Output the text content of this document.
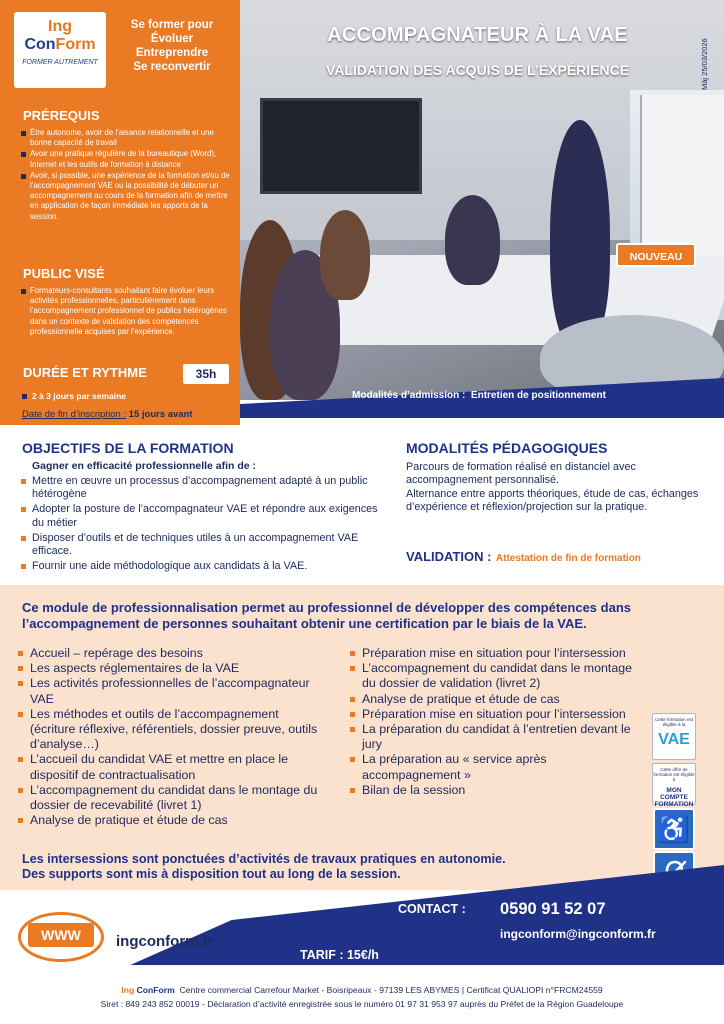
Ing
ConForm
FORMER AUTREMENT
Se former pour
Évoluer
Entreprendre
Se reconvertir
ACCOMPAGNATEUR À LA VAE
VALIDATION DES ACQUIS DE L’EXPÉRIENCE	Màj 25/03/2026
PRÉREQUIS
Être autonome, avoir de l’aisance relationnelle et une bonne capacité de travail
Avoir une pratique régulière de la bureautique (Word), Internet et les outils de formation à distance
Avoir, si possible, une expérience de la formation et/ou de l’accompagnement VAE ou la possibilité de débuter un accompagnement au cours de la formation afin de mettre en application de façon immédiate les apports de la session.
PUBLIC VISÉ
Formateurs-consultants souhaitant faire évoluer leurs activités professionnelles, particulièrement dans l’accompagnement professionnel de publics hétérogènes dans un contexte de validation des compétences professionnelle acquises par l’expérience.
DURÉE ET RYTHME	35h
2 à 3 jours par semaine
Date de fin d’inscription : 15 jours avant
NOUVEAU
Modalités d’admission : Entretien de positionnement
OBJECTIFS DE LA FORMATION
Gagner en efficacité professionnelle afin de :
Mettre en œuvre un processus d’accompagnement adapté à un public hétérogène
Adopter la posture de l’accompagnateur VAE et répondre aux exigences du métier
Disposer d’outils et de techniques utiles à un accompagnement VAE efficace.
Fournir une aide méthodologique aux candidats à la VAE.
MODALITÉS PÉDAGOGIQUES
Parcours de formation réalisé en distanciel avec accompagnement personnalisé.
Alternance entre apports théoriques, étude de cas, échanges d’expérience et réflexion/projection sur la pratique.
VALIDATION : Attestation de fin de formation
Ce module de professionnalisation permet au professionnel de développer des compétences dans l’accompagnement de personnes souhaitant obtenir une certification par le biais de la VAE.
Accueil – repérage des besoins
Les aspects réglementaires de la VAE
Les activités professionnelles de l’accompagnateur VAE
Les méthodes et outils de l’accompagnement (écriture réflexive, référentiels, dossier preuve, outils d’analyse…)
L’accueil du candidat VAE et mettre en place le dispositif de contractualisation
L’accompagnement du candidat dans le montage du dossier de recevabilité (livret 1)
Analyse de pratique et étude de cas
Préparation mise en situation pour l’intersession
L’accompagnement du candidat dans le montage du dossier de validation (livret 2)
Analyse de pratique et étude de cas
Préparation mise en situation pour l’intersession
La préparation du candidat à l’entretien devant le jury
La préparation au « service après accompagnement »
Bilan de la session
Cette formation est éligible à la
VAE
Cette offre de formation est éligible à
MON COMPTE FORMATION
♿
Les intersessions sont ponctuées d’activités de travaux pratiques en autonomie.
Des supports sont mis à disposition tout au long de la session.
WWW	ingconform.fr
CONTACT : 0590 91 52 07
ingconform@ingconform.fr
TARIF : 15€/h
Ing ConForm Centre commercial Carrefour Market - Boisripeaux - 97139 LES ABYMES | Certificat QUALIOPI n°FRCM24559
Siret : 849 243 852 00019 - Déclaration d’activité enregistrée sous le numéro 01 97 31 953 97 auprès du Préfet de la Région Guadeloupe
